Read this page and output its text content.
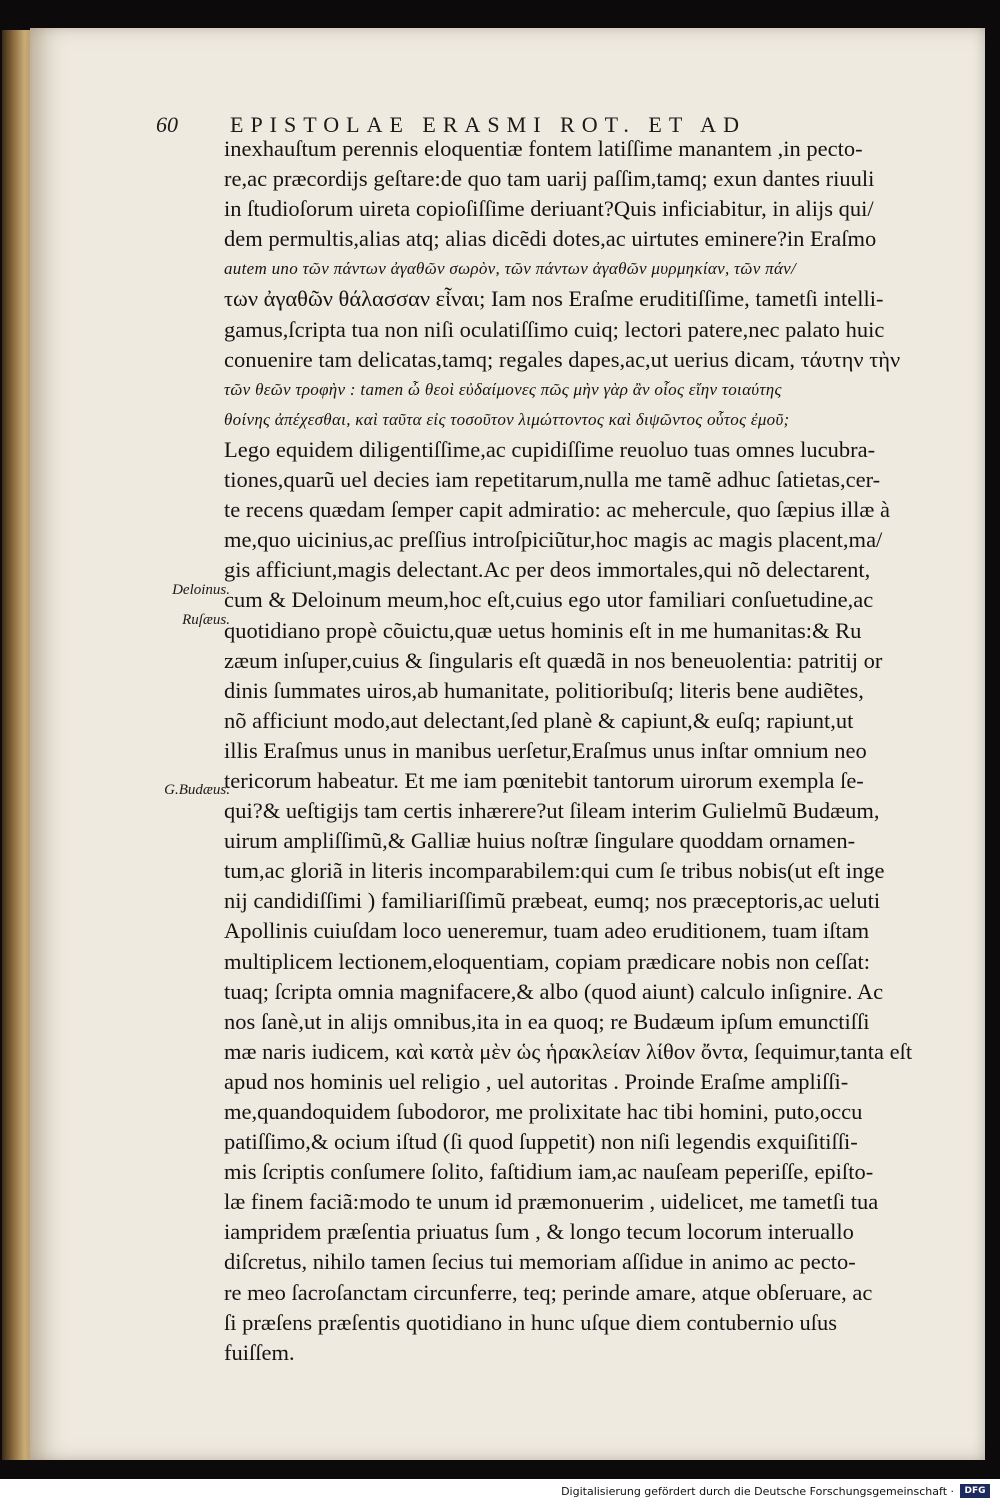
60 EPISTOLAE ERASMI ROT. ET AD
Deloinus.
Ruſæus.
G.Budæus.
inexhauſtum perennis eloquentiæ fontem latiſſime manantem ,in pecto-
re,ac præcordijs geſtare:de quo tam uarij paſſim,tamq; exun dantes riuuli
in ſtudioſorum uireta copioſiſſime deriuant?Quis inficiabitur, in alijs qui/
dem permultis,alias atq; alias dicẽdi dotes,ac uirtutes eminere?in Eraſmo
autem uno τῶν πάντων ἀγαθῶν σωρὸν, τῶν πάντων ἀγαθῶν μυρμηκίαν, τῶν πάν/
των ἀγαθῶν θάλασσαν εἶναι; Iam nos Eraſme eruditiſſime, tametſi intelli-
gamus,ſcripta tua non niſi oculatiſſimo cuiq; lectori patere,nec palato huic
conuenire tam delicatas,tamq; regales dapes,ac,ut uerius dicam, τάυτην τὴν
τῶν θεῶν τροφὴν : tamen ὦ θεοὶ εὐδαίμονες πῶς μὴν γὰρ ἂν οἷος εἴην τοιαύτης
θοίνης ἀπέχεσθαι, καὶ ταῦτα εἰς τοσοῦτον λιμώττοντος καὶ διψῶντος οὗτος ἐμοῦ;
Lego equidem diligentiſſime,ac cupidiſſime reuoluo tuas omnes lucubra-
tiones,quarũ uel decies iam repetitarum,nulla me tamẽ adhuc ſatietas,cer-
te recens quædam ſemper capit admiratio: ac mehercule, quo ſæpius illæ à
me,quo uicinius,ac preſſius introſpiciũtur,hoc magis ac magis placent,ma/
gis afficiunt,magis delectant.Ac per deos immortales,qui nõ delectarent,
cum & Deloinum meum,hoc eſt,cuius ego utor familiari conſuetudine,ac
quotidiano propè cõuictu,quæ uetus hominis eſt in me humanitas:& Ru
zæum inſuper,cuius & ſingularis eſt quædã in nos beneuolentia: patritij or
dinis ſummates uiros,ab humanitate, politioribuſq; literis bene audiẽtes,
nõ afficiunt modo,aut delectant,ſed planè & capiunt,& euſq; rapiunt,ut
illis Eraſmus unus in manibus uerſetur,Eraſmus unus inſtar omnium neo
tericorum habeatur. Et me iam pœnitebit tantorum uirorum exempla ſe-
qui?& ueſtigijs tam certis inhærere?ut ſileam interim Gulielmũ Budæum,
uirum ampliſſimũ,& Galliæ huius noſtræ ſingulare quoddam ornamen-
tum,ac gloriã in literis incomparabilem:qui cum ſe tribus nobis(ut eſt inge
nij candidiſſimi ) familiariſſimũ præbeat, eumq; nos præceptoris,ac ueluti
Apollinis cuiuſdam loco ueneremur, tuam adeo eruditionem, tuam iſtam
multiplicem lectionem,eloquentiam, copiam prædicare nobis non ceſſat:
tuaq; ſcripta omnia magnifacere,& albo (quod aiunt) calculo inſignire. Ac
nos ſanè,ut in alijs omnibus,ita in ea quoq; re Budæum ipſum emunctiſſi
mæ naris iudicem, καὶ κατὰ μὲν ὡς ἡρακλείαν λίθον ὄντα, ſequimur,tanta eſt
apud nos hominis uel religio , uel autoritas . Proinde Eraſme ampliſſi-
me,quandoquidem ſubodoror, me prolixitate hac tibi homini, puto,occu
patiſſimo,& ocium iſtud (ſi quod ſuppetit) non niſi legendis exquiſitiſſi-
mis ſcriptis conſumere ſolito, faſtidium iam,ac nauſeam peperiſſe, epiſto-
læ finem faciã:modo te unum id præmonuerim , uidelicet, me tametſi tua
iampridem præſentia priuatus ſum , & longo tecum locorum interuallo
diſcretus, nihilo tamen ſecius tui memoriam aſſidue in animo ac pecto-
re meo ſacroſanctam circunferre, teq; perinde amare, atque obſeruare, ac
ſi præſens præſentis quotidiano in hunc uſque diem contubernio uſus
fuiſſem.
Digitalisierung gefördert durch die Deutsche Forschungsgemeinschaft ·	DFG
